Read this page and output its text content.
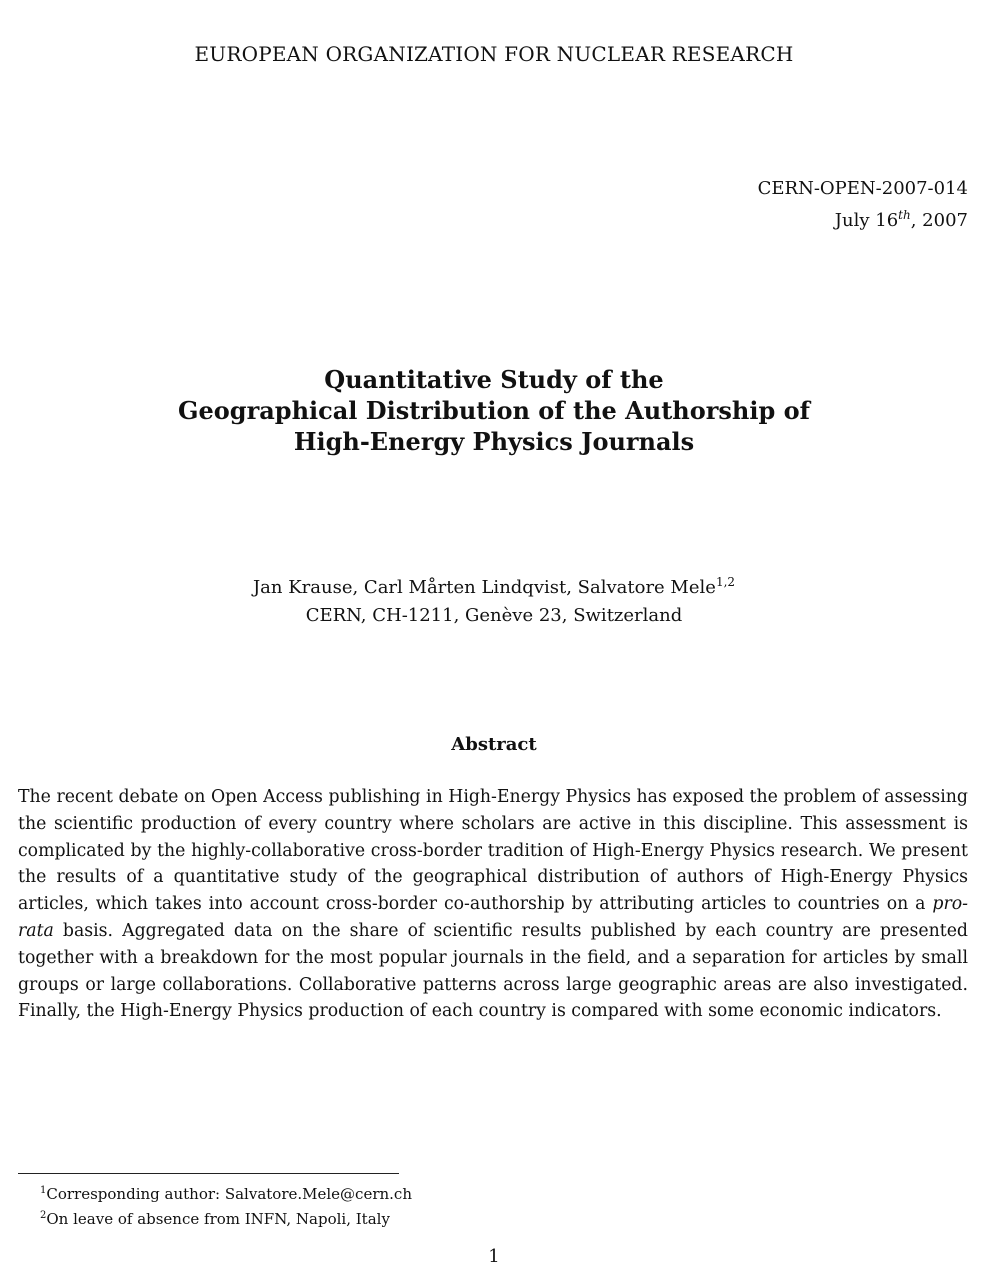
EUROPEAN ORGANIZATION FOR NUCLEAR RESEARCH
CERN-OPEN-2007-014
July 16th, 2007
Quantitative Study of the
Geographical Distribution of the Authorship of
High-Energy Physics Journals
Jan Krause, Carl Mårten Lindqvist, Salvatore Mele$^{1,2}$
CERN, CH-1211, Genève 23, Switzerland
Abstract
The recent debate on Open Access publishing in High-Energy Physics has exposed the problem of assessing the scientific production of every country where scholars are active in this discipline. This assessment is complicated by the highly-collaborative cross-border tradition of High-Energy Physics research. We present the results of a quantitative study of the geographical distribution of authors of High-Energy Physics articles, which takes into account cross-border co-authorship by attributing articles to countries on a pro-rata basis. Aggregated data on the share of scientific results published by each country are presented together with a breakdown for the most popular journals in the field, and a separation for articles by small groups or large collaborations. Collaborative patterns across large geographic areas are also investigated. Finally, the High-Energy Physics production of each country is compared with some economic indicators.
$^1$Corresponding author: Salvatore.Mele@cern.ch
$^2$On leave of absence from INFN, Napoli, Italy
1
